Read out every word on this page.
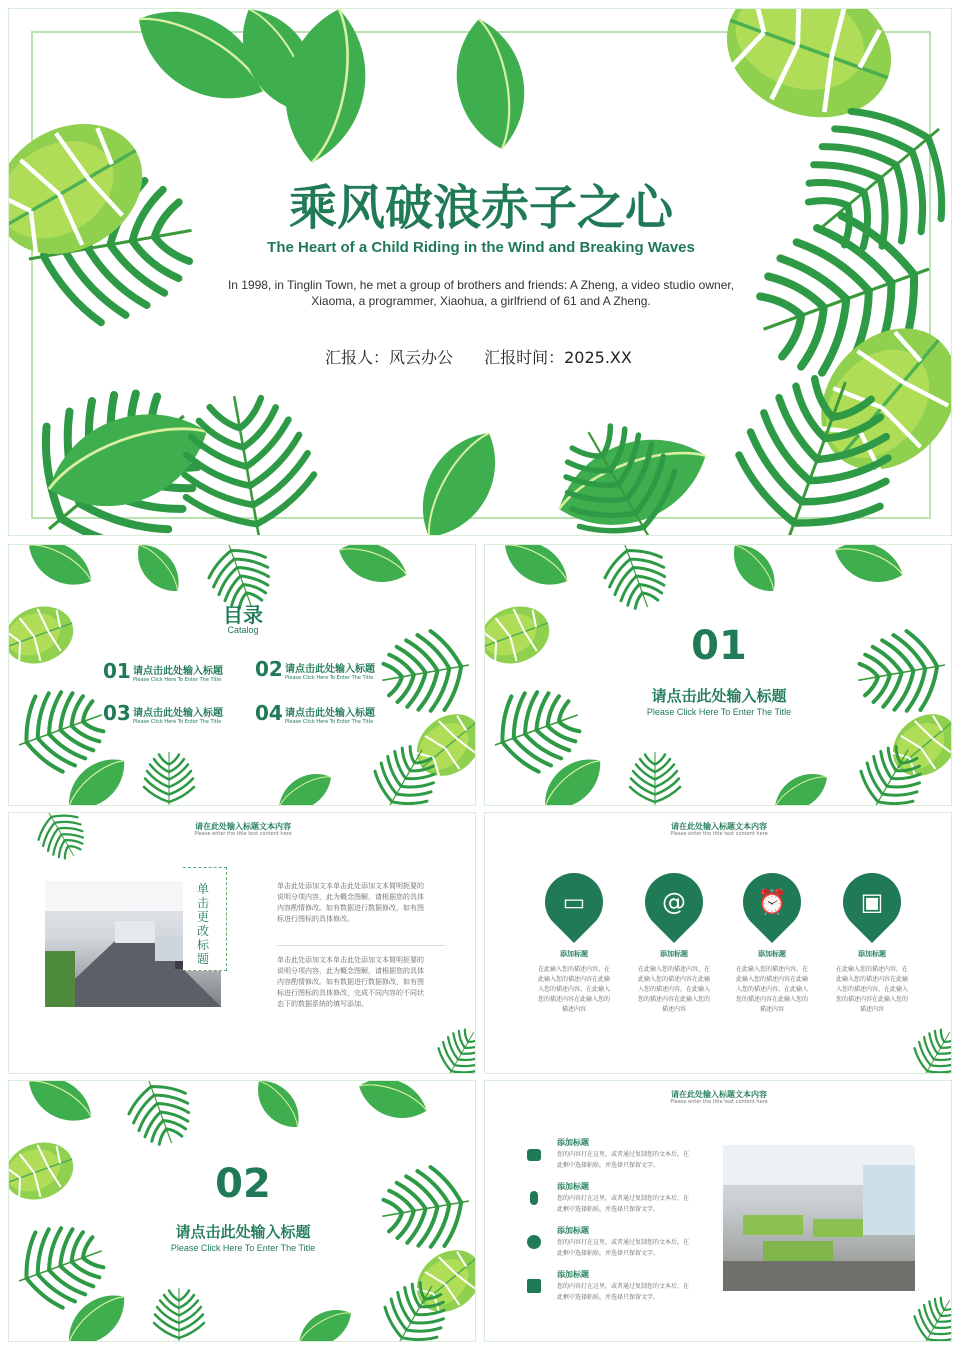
乘风破浪赤子之心
The Heart of a Child Riding in the Wind and Breaking Waves
In 1998, in Tinglin Town, he met a group of brothers and friends: A Zheng, a video studio owner,
Xiaoma, a programmer, Xiaohua, a girlfriend of 61 and A Zheng.
汇报人：风云办公	汇报时间：2025.XX
目录
Catalog
01 请点击此处输入标题
Please Click Here To Enter The Title 02 请点击此处输入标题
Please Click Here To Enter The Title
03 请点击此处输入标题
Please Click Here To Enter The Title 04 请点击此处输入标题
Please Click Here To Enter The Title
01
请点击此处输入标题
Please Click Here To Enter The Title
请在此处输入标题文本内容
Please enter the title text content here
单击更改标题
单击此处添加文本单击此处添加文本简明扼要的
说明分项内容，此为概念图解，请根据您的具体
内容酌情修改。如有数据进行数据修改，如有图
标进行图标的具体修改。
单击此处添加文本单击此处添加文本简明扼要的
说明分项内容，此为概念图解，请根据您的具体
内容酌情修改。如有数据进行数据修改，如有图
标进行图标的具体修改，完成不同内容的不同状
态下的数据系统的填写添加。
请在此处输入标题文本内容
Please enter the title text content here
▭
添加标题
在此输入您的描述内容，在
此输入您的描述内容在此输
入您的描述内容，在此输入
您的描述内容在此输入您的
描述内容
@
添加标题
在此输入您的描述内容，在
此输入您的描述内容在此输
入您的描述内容，在此输入
您的描述内容在此输入您的
描述内容
⏰
添加标题
在此输入您的描述内容，在
此输入您的描述内容在此输
入您的描述内容，在此输入
您的描述内容在此输入您的
描述内容
▣
添加标题
在此输入您的描述内容，在
此输入您的描述内容在此输
入您的描述内容，在此输入
您的描述内容在此输入您的
描述内容
02
请点击此处输入标题
Please Click Here To Enter The Title
请在此处输入标题文本内容
Please enter the title text content here
添加标题
您的内容打在这里，或者通过复制您的文本后，在
此框中选择粘贴，并选择只保留文字。
添加标题
您的内容打在这里，或者通过复制您的文本后，在
此框中选择粘贴，并选择只保留文字。
添加标题
您的内容打在这里，或者通过复制您的文本后，在
此框中选择粘贴，并选择只保留文字。
添加标题
您的内容打在这里，或者通过复制您的文本后，在
此框中选择粘贴，并选择只保留文字。
